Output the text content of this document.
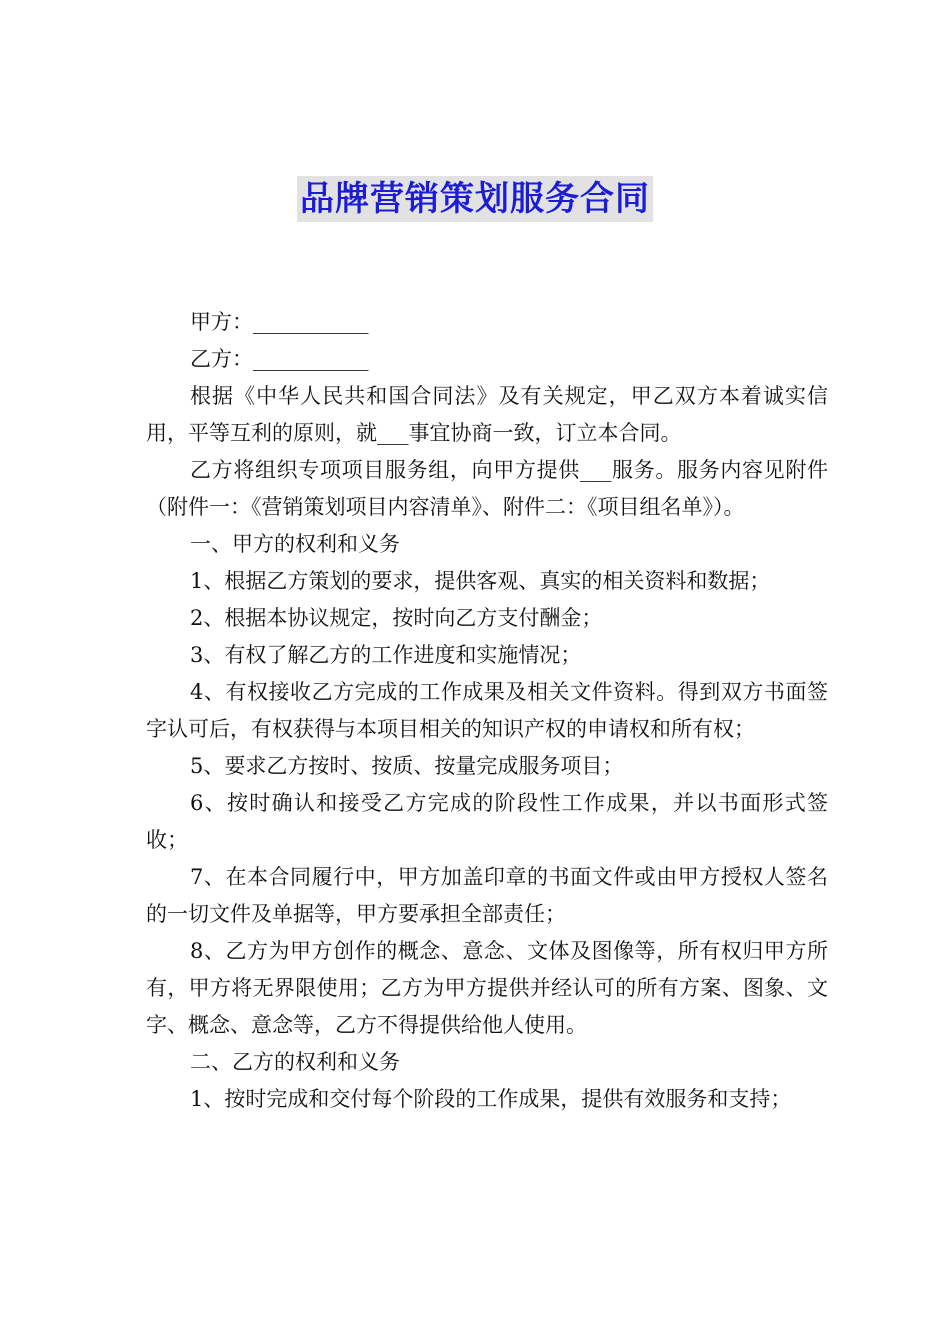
品牌营销策划服务合同

甲方：___________

乙方：___________

根据《中华人民共和国合同法》及有关规定，甲乙双方本着诚实信用，平等互利的原则，就___事宜协商一致，订立本合同。

乙方将组织专项项目服务组，向甲方提供___服务。服务内容见附件（附件一：《营销策划项目内容清单》、附件二：《项目组名单》）。

一、甲方的权利和义务

1、根据乙方策划的要求，提供客观、真实的相关资料和数据；

2、根据本协议规定，按时向乙方支付酬金；

3、有权了解乙方的工作进度和实施情况；

4、有权接收乙方完成的工作成果及相关文件资料。得到双方书面签字认可后，有权获得与本项目相关的知识产权的申请权和所有权；

5、要求乙方按时、按质、按量完成服务项目；

6、按时确认和接受乙方完成的阶段性工作成果，并以书面形式签收；

7、在本合同履行中，甲方加盖印章的书面文件或由甲方授权人签名的一切文件及单据等，甲方要承担全部责任；

8、乙方为甲方创作的概念、意念、文体及图像等，所有权归甲方所有，甲方将无界限使用；乙方为甲方提供并经认可的所有方案、图象、文字、概念、意念等，乙方不得提供给他人使用。

二、乙方的权利和义务

1、按时完成和交付每个阶段的工作成果，提供有效服务和支持；
